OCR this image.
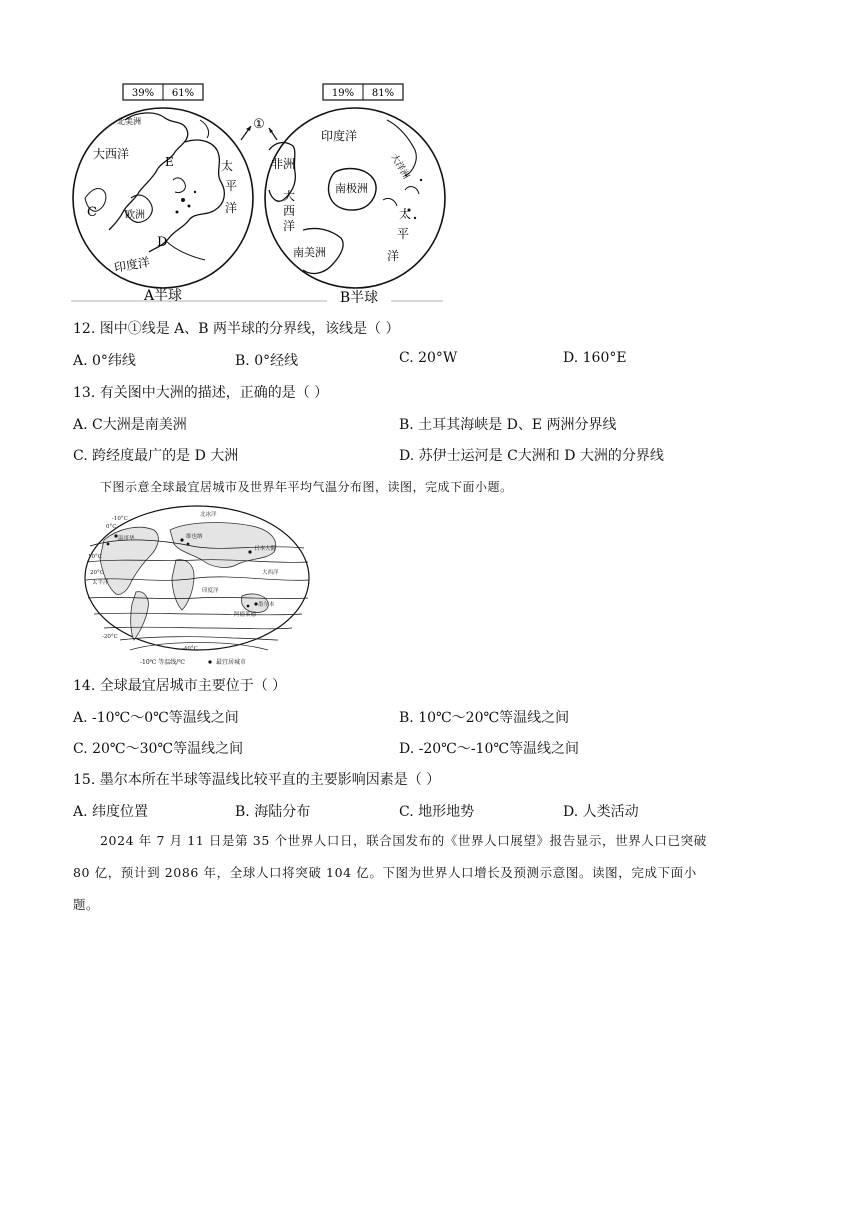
39% 61%
大西洋
E
C	欧洲
D
印度洋
北美洲
太
平
洋
A半球
①
19% 81%
印度洋
非洲
南极洲
大
西
洋
南美洲
大洋洲
太
平
洋
B半球
12. 图中①线是 A、B 两半球的分界线，该线是（ ）
A. 0°纬线	B. 0°经线	C. 20°W	D. 160°E
13. 有关图中大洲的描述，正确的是（ ）
A. C大洲是南美洲	B. 土耳其海峡是 D、E 两洲分界线
C. 跨经度最广的是 D 大洲	D. 苏伊士运河是 C大洲和 D 大洲的分界线
下图示意全球最宜居城市及世界年平均气温分布图，读图，完成下面小题。
北冰洋
太平洋
大西洋
印度洋
-10°C
0°C
10°C
20°C
-20°C
-40°C
温哥华
日本大阪
墨尔本
阿德莱德
维也纳
-10℃ 等温线/℃	最宜居城市
14. 全球最宜居城市主要位于（ ）
A. -10℃～0℃等温线之间	B. 10℃～20℃等温线之间
C. 20℃～30℃等温线之间	D. -20℃～-10℃等温线之间
15. 墨尔本所在半球等温线比较平直的主要影响因素是（ ）
A. 纬度位置	B. 海陆分布	C. 地形地势	D. 人类活动
2024 年 7 月 11 日是第 35 个世界人口日，联合国发布的《世界人口展望》报告显示，世界人口已突破
80 亿，预计到 2086 年，全球人口将突破 104 亿。下图为世界人口增长及预测示意图。读图，完成下面小
题。
